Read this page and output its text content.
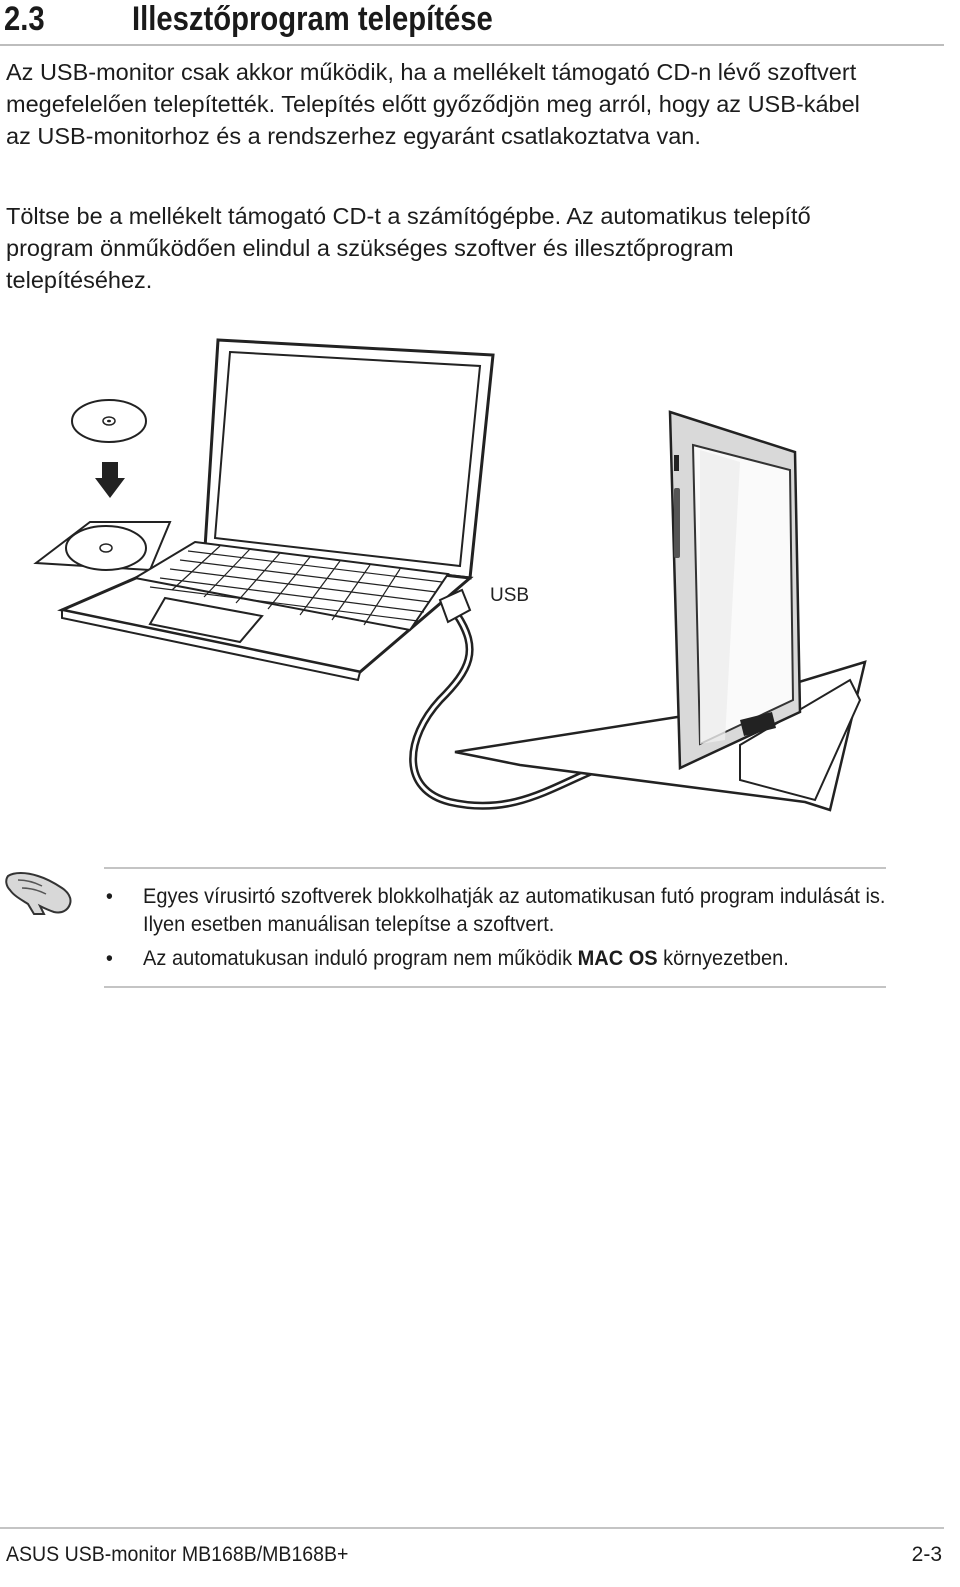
2.3	Illesztőprogram telepítése

Az USB-monitor csak akkor működik, ha a mellékelt támogató CD-n lévő szoftvert megefelelően telepítették. Telepítés előtt győződjön meg arról, hogy az USB-kábel az USB-monitorhoz és a rendszerhez egyaránt csatlakoztatva van.

Töltse be a mellékelt támogató CD-t a számítógépbe. Az automatikus telepítő program önműködően elindul a szükséges szoftver és illesztőprogram telepítéséhez.

USB
• Egyes vírusirtó szoftverek blokkolhatják az automatikusan futó program indulását is. Ilyen esetben manuálisan telepítse a szoftvert.
• Az automatukusan induló program nem működik MAC OS környezetben.
ASUS USB-monitor MB168B/MB168B+	2-3
